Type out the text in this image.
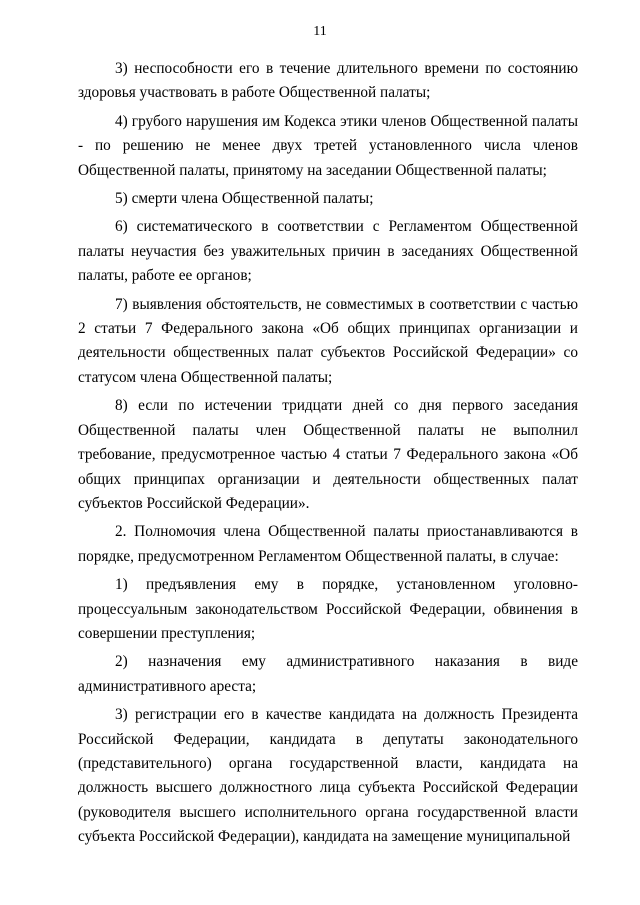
11

3) неспособности его в течение длительного времени по состоянию здоровья участвовать в работе Общественной палаты;

4) грубого нарушения им Кодекса этики членов Общественной палаты - по решению не менее двух третей установленного числа членов Общественной палаты, принятому на заседании Общественной палаты;

5) смерти члена Общественной палаты;

6) систематического в соответствии с Регламентом Общественной палаты неучастия без уважительных причин в заседаниях Общественной палаты, работе ее органов;

7) выявления обстоятельств, не совместимых в соответствии с частью 2 статьи 7 Федерального закона «Об общих принципах организации и деятельности общественных палат субъектов Российской Федерации» со статусом члена Общественной палаты;

8) если по истечении тридцати дней со дня первого заседания Общественной палаты член Общественной палаты не выполнил требование, предусмотренное частью 4 статьи 7 Федерального закона «Об общих принципах организации и деятельности общественных палат субъектов Российской Федерации».

2. Полномочия члена Общественной палаты приостанавливаются в порядке, предусмотренном Регламентом Общественной палаты, в случае:

1) предъявления ему в порядке, установленном уголовно-процессуальным законодательством Российской Федерации, обвинения в совершении преступления;

2) назначения ему административного наказания в виде административного ареста;

3) регистрации его в качестве кандидата на должность Президента Российской Федерации, кандидата в депутаты законодательного (представительного) органа государственной власти, кандидата на должность высшего должностного лица субъекта Российской Федерации (руководителя высшего исполнительного органа государственной власти субъекта Российской Федерации), кандидата на замещение муниципальной
